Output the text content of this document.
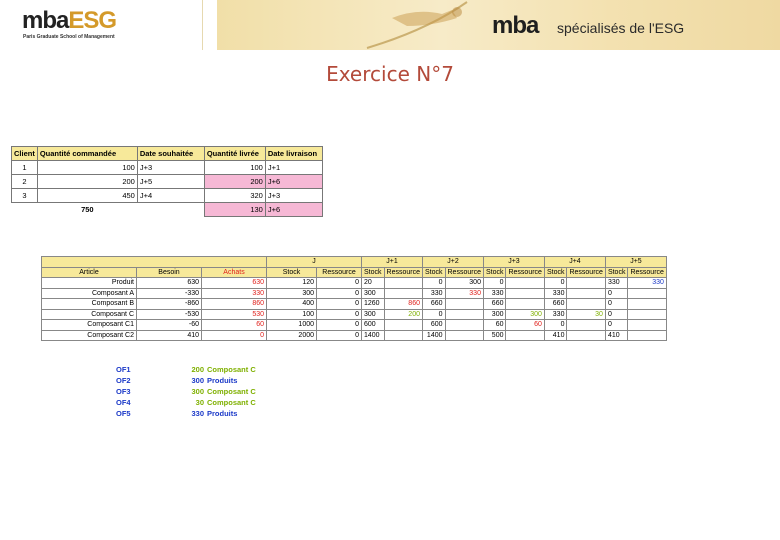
mbaESG
Paris Graduate School of Management	mba spécialisés de l'ESG
Exercice N°7
Client	Quantité commandée	Date souhaitée	Quantité livrée	Date livraison
1	100	J+3	100	J+1
2	200	J+5	200	J+6
3	450	J+4	320	J+3
	750		130	J+6
			J		J+1		J+2		J+3		J+4		J+5	
Article	Besoin	Achats	Stock	Ressource	Stock	Ressource	Stock	Ressource	Stock	Ressource	Stock	Ressource	Stock	Ressource
Produit	630	630	120	0	20		0	300	0		0		330	330
Composant A	-330	330	300	0	300		330	330	330		330		0	
Composant B	-860	860	400	0	1260	860	660		660		660		0	
Composant C	-530	530	100	0	300	200	0		300	300	330	30	0	
Composant C1	-60	60	1000	0	600		600		60	60	0		0	
Composant C2	410	0	2000	0	1400		1400		500		410		410	
OF1	200 Composant C
OF2	300 Produits
OF3	300 Composant C
OF4	30 Composant C
OF5	330 Produits
